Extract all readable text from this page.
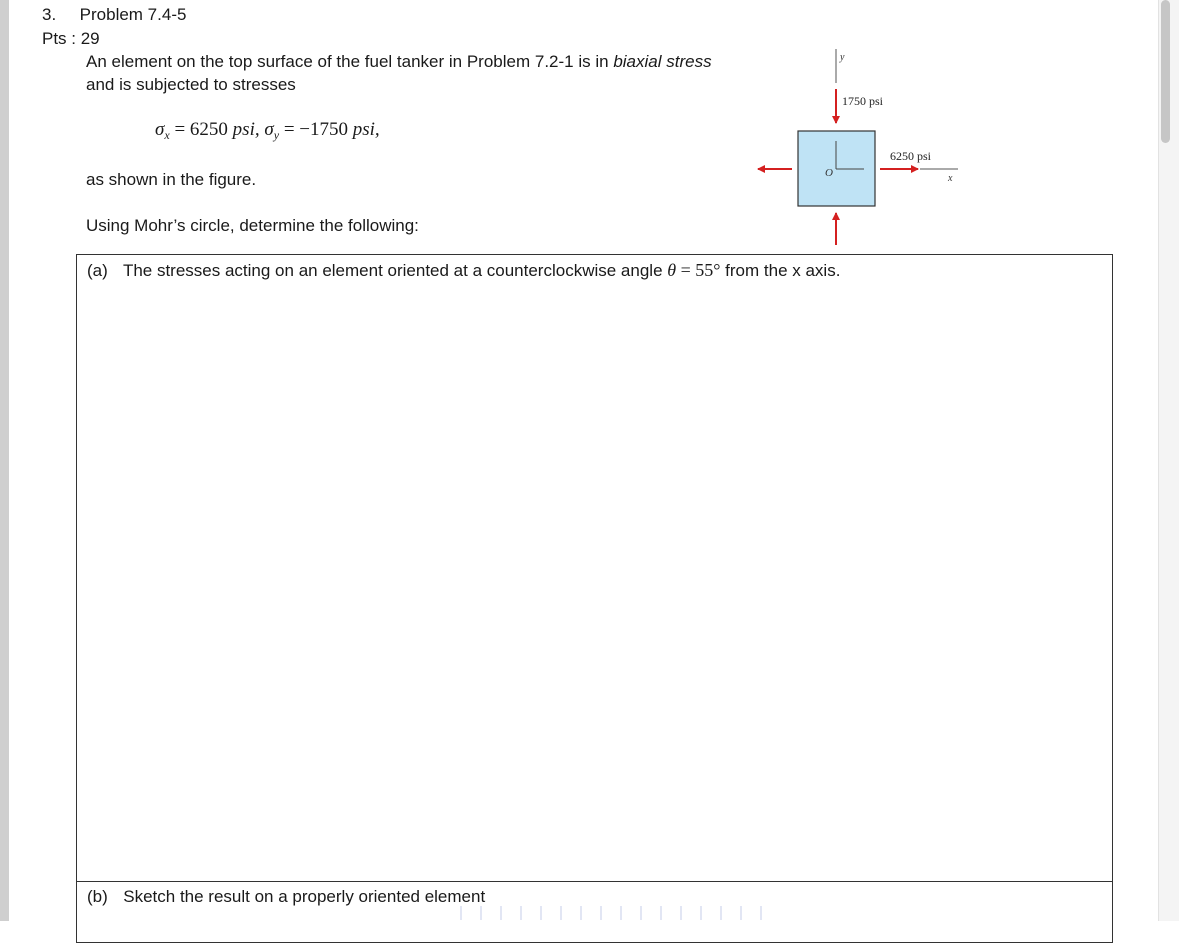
3. Problem 7.4-5
Pts : 29
An element on the top surface of the fuel tanker in Problem 7.2-1 is in biaxial stress
and is subjected to stresses
$\sigma_x = 6250$ psi, $\sigma_y = -1750$ psi,
as shown in the figure.
Using Mohr’s circle, determine the following:
y
1750 psi
O
6250 psi
x
(a) The stresses acting on an element oriented at a counterclockwise angle θ = 55° from the x axis.
(b) Sketch the result on a properly oriented element
